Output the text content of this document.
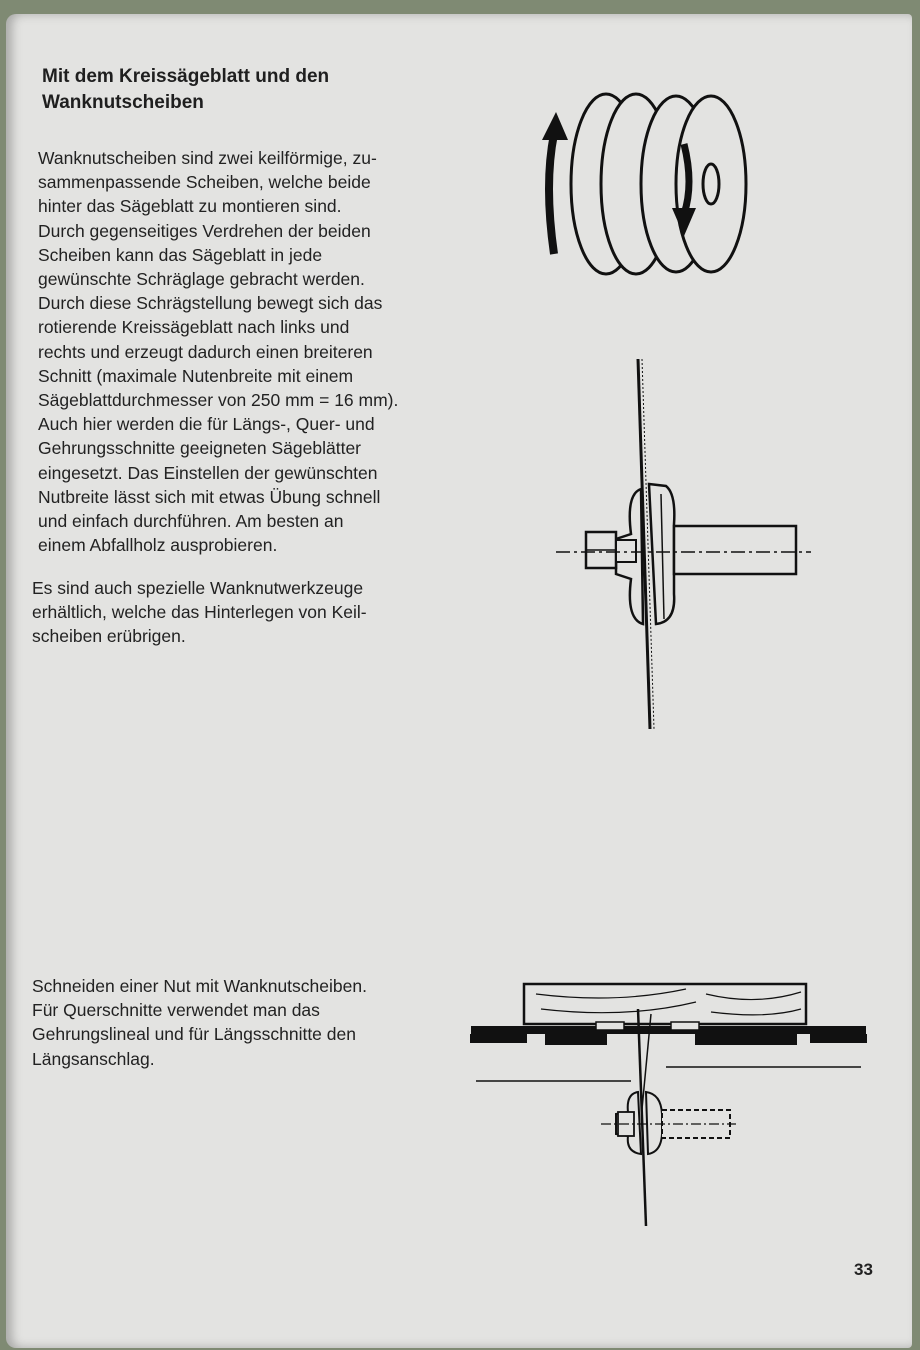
Mit dem Kreissägeblatt und den
Wanknutscheiben
Wanknutscheiben sind zwei keilförmige, zu-
sammenpassende Scheiben, welche beide
hinter das Sägeblatt zu montieren sind.
Durch gegenseitiges Verdrehen der beiden
Scheiben kann das Sägeblatt in jede
gewünschte Schräglage gebracht werden.
Durch diese Schrägstellung bewegt sich das
rotierende Kreissägeblatt nach links und
rechts und erzeugt dadurch einen breiteren
Schnitt (maximale Nutenbreite mit einem
Sägeblattdurchmesser von 250 mm = 16 mm).
Auch hier werden die für Längs-, Quer- und
Gehrungsschnitte geeigneten Sägeblätter
eingesetzt. Das Einstellen der gewünschten
Nutbreite lässt sich mit etwas Übung schnell
und einfach durchführen. Am besten an
einem Abfallholz ausprobieren.
Es sind auch spezielle Wanknutwerkzeuge
erhältlich, welche das Hinterlegen von Keil-
scheiben erübrigen.
Schneiden einer Nut mit Wanknutscheiben.
Für Querschnitte verwendet man das
Gehrungslineal und für Längsschnitte den
Längsanschlag.
33
